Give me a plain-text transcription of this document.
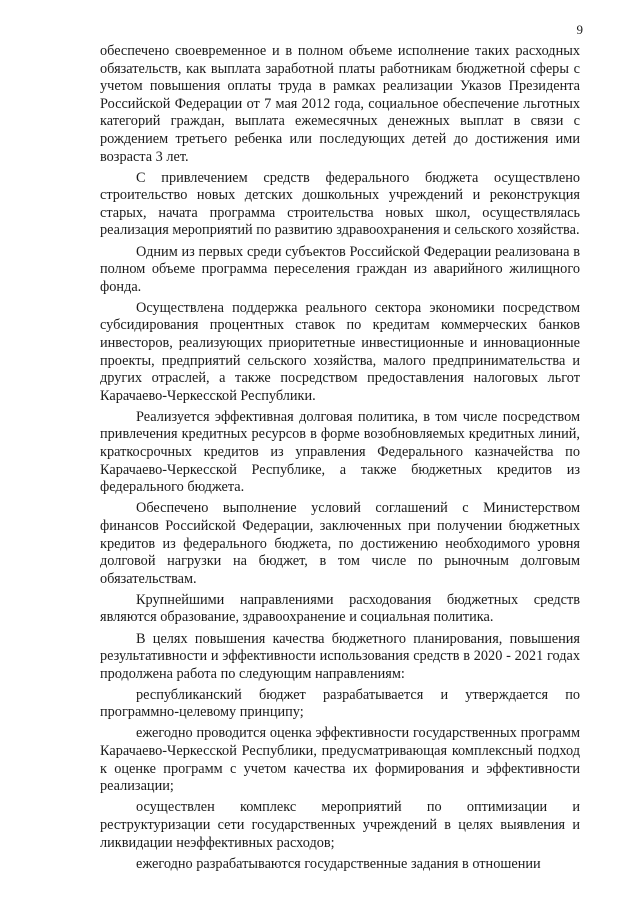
9

обеспечено своевременное и в полном объеме исполнение таких расходных обязательств, как выплата заработной платы работникам бюджетной сферы с учетом повышения оплаты труда в рамках реализации Указов Президента Российской Федерации от 7 мая 2012 года, социальное обеспечение льготных категорий граждан, выплата ежемесячных денежных выплат в связи с рождением третьего ребенка или последующих детей до достижения ими возраста 3 лет.

С привлечением средств федерального бюджета осуществлено строительство новых детских дошкольных учреждений и реконструкция старых, начата программа строительства новых школ, осуществлялась реализация мероприятий по развитию здравоохранения и сельского хозяйства.

Одним из первых среди субъектов Российской Федерации реализована в полном объеме программа переселения граждан из аварийного жилищного фонда.

Осуществлена поддержка реального сектора экономики посредством субсидирования процентных ставок по кредитам коммерческих банков инвесторов, реализующих приоритетные инвестиционные и инновационные проекты, предприятий сельского хозяйства, малого предпринимательства и других отраслей, а также посредством предоставления налоговых льгот Карачаево-Черкесской Республики.

Реализуется эффективная долговая политика, в том числе посредством привлечения кредитных ресурсов в форме возобновляемых кредитных линий, краткосрочных кредитов из управления Федерального казначейства по Карачаево-Черкесской Республике, а также бюджетных кредитов из федерального бюджета.

Обеспечено выполнение условий соглашений с Министерством финансов Российской Федерации, заключенных при получении бюджетных кредитов из федерального бюджета, по достижению необходимого уровня долговой нагрузки на бюджет, в том числе по рыночным долговым обязательствам.

Крупнейшими направлениями расходования бюджетных средств являются образование, здравоохранение и социальная политика.

В целях повышения качества бюджетного планирования, повышения результативности и эффективности использования средств в 2020 - 2021 годах продолжена работа по следующим направлениям:

республиканский бюджет разрабатывается и утверждается по программно-целевому принципу;

ежегодно проводится оценка эффективности государственных программ Карачаево-Черкесской Республики, предусматривающая комплексный подход к оценке программ с учетом качества их формирования и эффективности реализации;

осуществлен комплекс мероприятий по оптимизации и реструктуризации сети государственных учреждений в целях выявления и ликвидации неэффективных расходов;

ежегодно разрабатываются государственные задания в отношении
